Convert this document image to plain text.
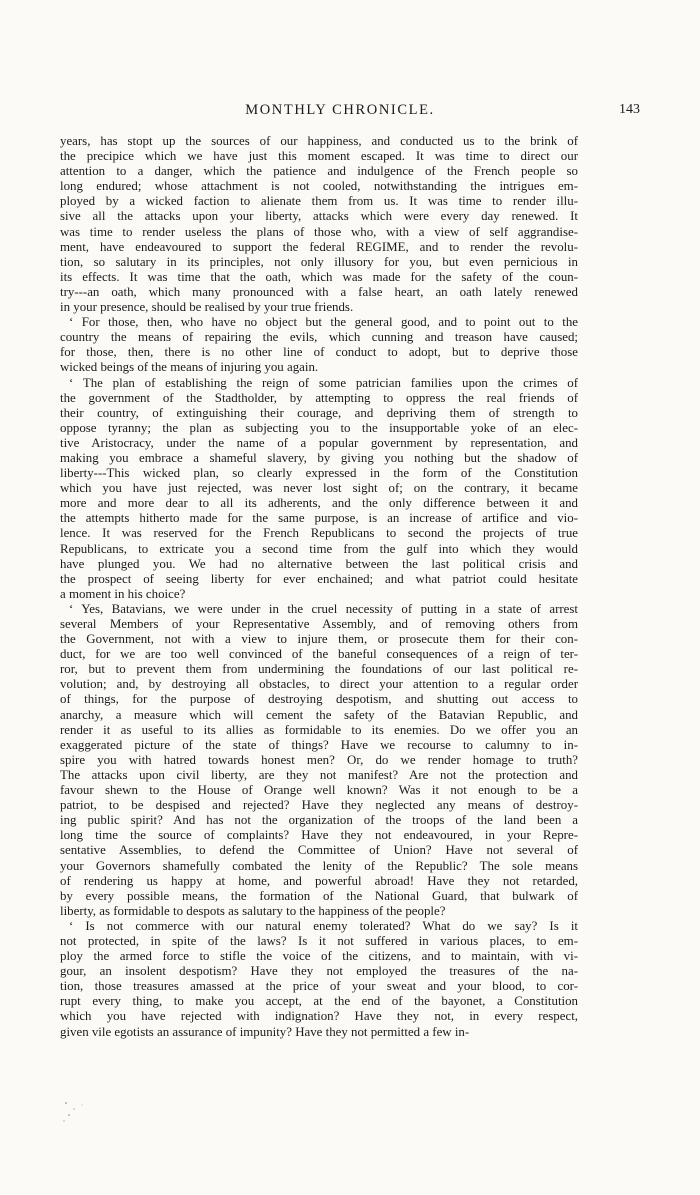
MONTHLY CHRONICLE.	143
years, has stopt up the sources of our happiness, and conducted us to the brink of
the precipice which we have just this moment escaped. It was time to direct our
attention to a danger, which the patience and indulgence of the French people so
long endured; whose attachment is not cooled, notwithstanding the intrigues em-
ployed by a wicked faction to alienate them from us. It was time to render illu-
sive all the attacks upon your liberty, attacks which were every day renewed. It
was time to render useless the plans of those who, with a view of self aggrandise-
ment, have endeavoured to support the federal REGIME, and to render the revolu-
tion, so salutary in its principles, not only illusory for you, but even pernicious in
its effects. It was time that the oath, which was made for the safety of the coun-
try---an oath, which many pronounced with a false heart, an oath lately renewed
in your presence, should be realised by your true friends.
‘ For those, then, who have no object but the general good, and to point out to the
country the means of repairing the evils, which cunning and treason have caused;
for those, then, there is no other line of conduct to adopt, but to deprive those
wicked beings of the means of injuring you again.
‘ The plan of establishing the reign of some patrician families upon the crimes of
the government of the Stadtholder, by attempting to oppress the real friends of
their country, of extinguishing their courage, and depriving them of strength to
oppose tyranny; the plan as subjecting you to the insupportable yoke of an elec-
tive Aristocracy, under the name of a popular government by representation, and
making you embrace a shameful slavery, by giving you nothing but the shadow of
liberty---This wicked plan, so clearly expressed in the form of the Constitution
which you have just rejected, was never lost sight of; on the contrary, it became
more and more dear to all its adherents, and the only difference between it and
the attempts hitherto made for the same purpose, is an increase of artifice and vio-
lence. It was reserved for the French Republicans to second the projects of true
Republicans, to extricate you a second time from the gulf into which they would
have plunged you. We had no alternative between the last political crisis and
the prospect of seeing liberty for ever enchained; and what patriot could hesitate
a moment in his choice?
‘ Yes, Batavians, we were under in the cruel necessity of putting in a state of arrest
several Members of your Representative Assembly, and of removing others from
the Government, not with a view to injure them, or prosecute them for their con-
duct, for we are too well convinced of the baneful consequences of a reign of ter-
ror, but to prevent them from undermining the foundations of our last political re-
volution; and, by destroying all obstacles, to direct your attention to a regular order
of things, for the purpose of destroying despotism, and shutting out access to
anarchy, a measure which will cement the safety of the Batavian Republic, and
render it as useful to its allies as formidable to its enemies. Do we offer you an
exaggerated picture of the state of things? Have we recourse to calumny to in-
spire you with hatred towards honest men? Or, do we render homage to truth?
The attacks upon civil liberty, are they not manifest? Are not the protection and
favour shewn to the House of Orange well known? Was it not enough to be a
patriot, to be despised and rejected? Have they neglected any means of destroy-
ing public spirit? And has not the organization of the troops of the land been a
long time the source of complaints? Have they not endeavoured, in your Repre-
sentative Assemblies, to defend the Committee of Union? Have not several of
your Governors shamefully combated the lenity of the Republic? The sole means
of rendering us happy at home, and powerful abroad! Have they not retarded,
by every possible means, the formation of the National Guard, that bulwark of
liberty, as formidable to despots as salutary to the happiness of the people?
‘ Is not commerce with our natural enemy tolerated? What do we say? Is it
not protected, in spite of the laws? Is it not suffered in various places, to em-
ploy the armed force to stifle the voice of the citizens, and to maintain, with vi-
gour, an insolent despotism? Have they not employed the treasures of the na-
tion, those treasures amassed at the price of your sweat and your blood, to cor-
rupt every thing, to make you accept, at the end of the bayonet, a Constitution
which you have rejected with indignation? Have they not, in every respect,
given vile egotists an assurance of impunity? Have they not permitted a few in-
